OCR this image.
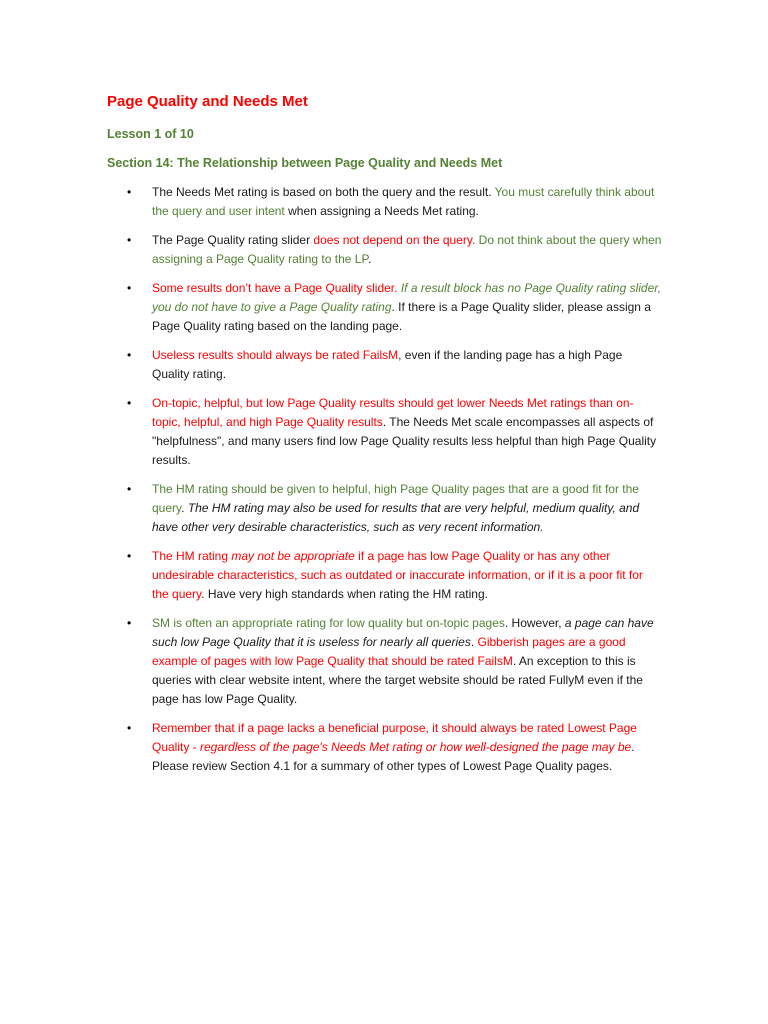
Page Quality and Needs Met
Lesson 1 of 10
Section 14: The Relationship between Page Quality and Needs Met
• The Needs Met rating is based on both the query and the result. You must carefully think about the query and user intent when assigning a Needs Met rating.
• The Page Quality rating slider does not depend on the query. Do not think about the query when assigning a Page Quality rating to the LP.
• Some results don’t have a Page Quality slider. If a result block has no Page Quality rating slider, you do not have to give a Page Quality rating. If there is a Page Quality slider, please assign a Page Quality rating based on the landing page.
• Useless results should always be rated FailsM, even if the landing page has a high Page Quality rating.
• On-topic, helpful, but low Page Quality results should get lower Needs Met ratings than on-topic, helpful, and high Page Quality results. The Needs Met scale encompasses all aspects of "helpfulness", and many users find low Page Quality results less helpful than high Page Quality results.
• The HM rating should be given to helpful, high Page Quality pages that are a good fit for the query. The HM rating may also be used for results that are very helpful, medium quality, and have other very desirable characteristics, such as very recent information.
• The HM rating may not be appropriate if a page has low Page Quality or has any other undesirable characteristics, such as outdated or inaccurate information, or if it is a poor fit for the query. Have very high standards when rating the HM rating.
• SM is often an appropriate rating for low quality but on-topic pages. However, a page can have such low Page Quality that it is useless for nearly all queries. Gibberish pages are a good example of pages with low Page Quality that should be rated FailsM. An exception to this is queries with clear website intent, where the target website should be rated FullyM even if the page has low Page Quality.
• Remember that if a page lacks a beneficial purpose, it should always be rated Lowest Page Quality - regardless of the page's Needs Met rating or how well-designed the page may be. Please review Section 4.1 for a summary of other types of Lowest Page Quality pages.
